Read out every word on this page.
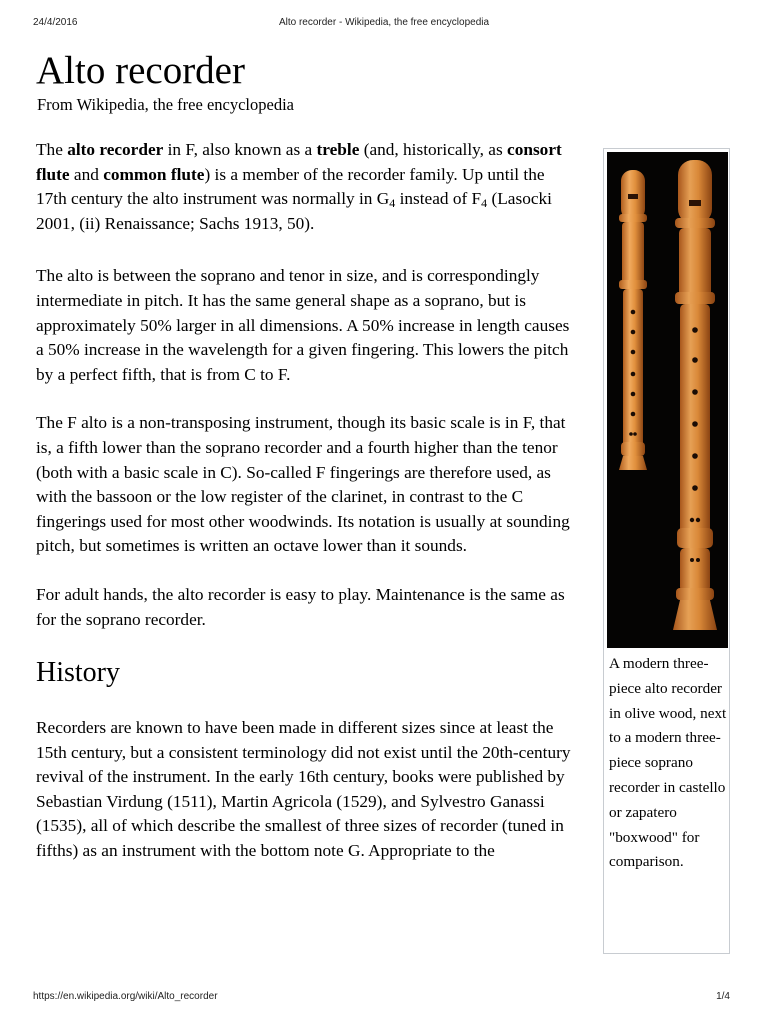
24/4/2016	Alto recorder - Wikipedia, the free encyclopedia
Alto recorder
From Wikipedia, the free encyclopedia

The alto recorder in F, also known as a treble (and, historically, as consort flute and common flute) is a member of the recorder family. Up until the 17th century the alto instrument was normally in $G_4$ instead of $F_4$ (Lasocki 2001, (ii) Renaissance; Sachs 1913, 50).

The alto is between the soprano and tenor in size, and is correspondingly intermediate in pitch. It has the same general shape as a soprano, but is approximately 50% larger in all dimensions. A 50% increase in length causes a 50% increase in the wavelength for a given fingering. This lowers the pitch by a perfect fifth, that is from C to F.

The F alto is a non-transposing instrument, though its basic scale is in F, that is, a fifth lower than the soprano recorder and a fourth higher than the tenor (both with a basic scale in C). So-called F fingerings are therefore used, as with the bassoon or the low register of the clarinet, in contrast to the C fingerings used for most other woodwinds. Its notation is usually at sounding pitch, but sometimes is written an octave lower than it sounds.

For adult hands, the alto recorder is easy to play. Maintenance is the same as for the soprano recorder.

History

Recorders are known to have been made in different sizes since at least the 15th century, but a consistent terminology did not exist until the 20th-century revival of the instrument. In the early 16th century, books were published by Sebastian Virdung (1511), Martin Agricola (1529), and Sylvestro Ganassi (1535), all of which describe the smallest of three sizes of recorder (tuned in fifths) as an instrument with the bottom note G. Appropriate to the

A modern three-piece alto recorder in olive wood, next to a modern three-piece soprano recorder in castello or zapatero "boxwood" for comparison.
https://en.wikipedia.org/wiki/Alto_recorder	1/4
